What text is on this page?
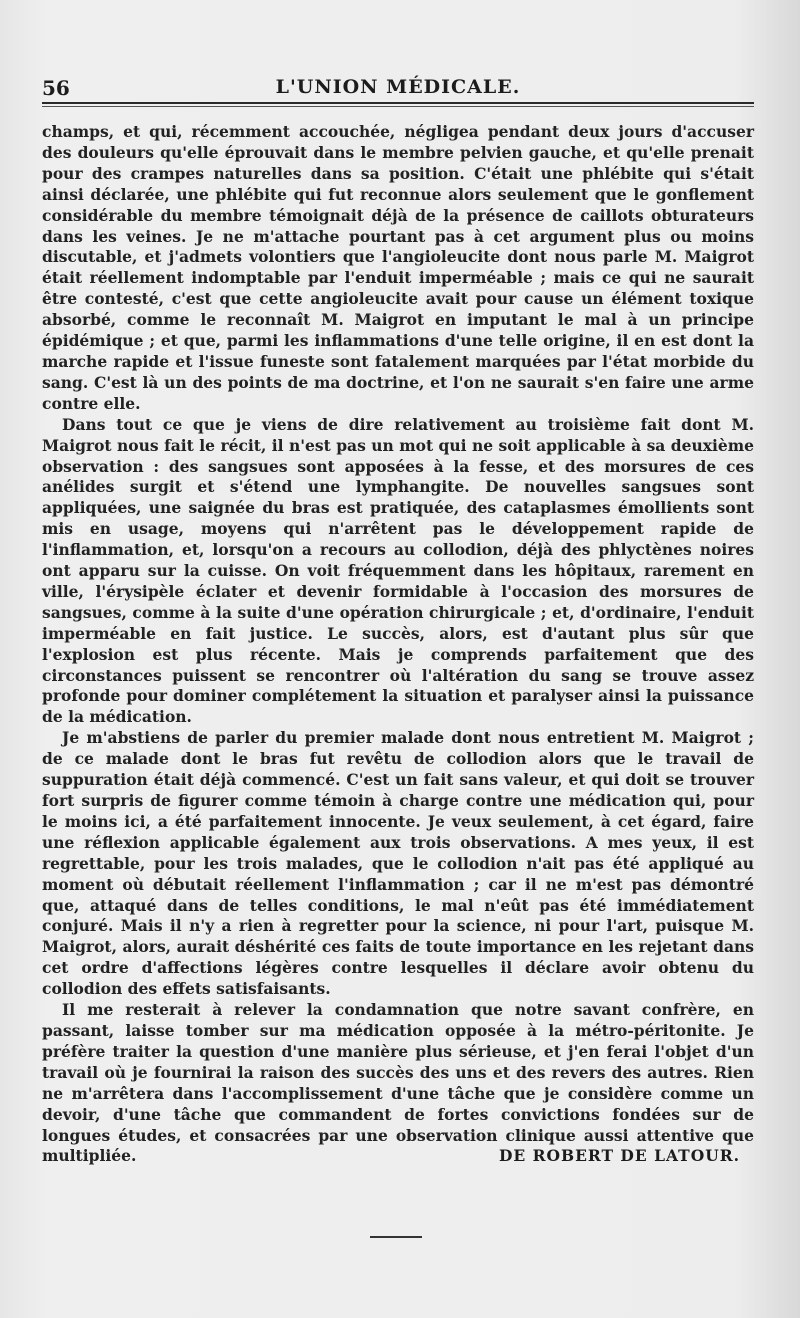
56	L'UNION MÉDICALE.

champs, et qui, récemment accouchée, négligea pendant deux jours d'accuser des douleurs qu'elle éprouvait dans le membre pelvien gauche, et qu'elle prenait pour des crampes naturelles dans sa position. C'était une phlébite qui s'était ainsi déclarée, une phlébite qui fut reconnue alors seulement que le gonflement considérable du membre témoignait déjà de la présence de caillots obturateurs dans les veines. Je ne m'attache pourtant pas à cet argument plus ou moins discutable, et j'admets volontiers que l'angioleucite dont nous parle M. Maigrot était réellement indomptable par l'enduit imperméable ; mais ce qui ne saurait être contesté, c'est que cette angioleucite avait pour cause un élément toxique absorbé, comme le reconnaît M. Maigrot en imputant le mal à un principe épidémique ; et que, parmi les inflammations d'une telle origine, il en est dont la marche rapide et l'issue funeste sont fatalement marquées par l'état morbide du sang. C'est là un des points de ma doctrine, et l'on ne saurait s'en faire une arme contre elle.

Dans tout ce que je viens de dire relativement au troisième fait dont M. Maigrot nous fait le récit, il n'est pas un mot qui ne soit applicable à sa deuxième observation : des sangsues sont apposées à la fesse, et des morsures de ces anélides surgit et s'étend une lymphangite. De nouvelles sangsues sont appliquées, une saignée du bras est pratiquée, des cataplasmes émollients sont mis en usage, moyens qui n'arrêtent pas le développement rapide de l'inflammation, et, lorsqu'on a recours au collodion, déjà des phlyctènes noires ont apparu sur la cuisse. On voit fréquemment dans les hôpitaux, rarement en ville, l'érysipèle éclater et devenir formidable à l'occasion des morsures de sangsues, comme à la suite d'une opération chirurgicale ; et, d'ordinaire, l'enduit imperméable en fait justice. Le succès, alors, est d'autant plus sûr que l'explosion est plus récente. Mais je comprends parfaitement que des circonstances puissent se rencontrer où l'altération du sang se trouve assez profonde pour dominer complétement la situation et paralyser ainsi la puissance de la médication.

Je m'abstiens de parler du premier malade dont nous entretient M. Maigrot ; de ce malade dont le bras fut revêtu de collodion alors que le travail de suppuration était déjà commencé. C'est un fait sans valeur, et qui doit se trouver fort surpris de figurer comme témoin à charge contre une médication qui, pour le moins ici, a été parfaitement innocente. Je veux seulement, à cet égard, faire une réflexion applicable également aux trois observations. A mes yeux, il est regrettable, pour les trois malades, que le collodion n'ait pas été appliqué au moment où débutait réellement l'inflammation ; car il ne m'est pas démontré que, attaqué dans de telles conditions, le mal n'eût pas été immédiatement conjuré. Mais il n'y a rien à regretter pour la science, ni pour l'art, puisque M. Maigrot, alors, aurait déshérité ces faits de toute importance en les rejetant dans cet ordre d'affections légères contre lesquelles il déclare avoir obtenu du collodion des effets satisfaisants.

Il me resterait à relever la condamnation que notre savant confrère, en passant, laisse tomber sur ma médication opposée à la métro-péritonite. Je préfère traiter la question d'une manière plus sérieuse, et j'en ferai l'objet d'un travail où je fournirai la raison des succès des uns et des revers des autres. Rien ne m'arrêtera dans l'accomplissement d'une tâche que je considère comme un devoir, d'une tâche que commandent de fortes convictions fondées sur de longues études, et consacrées par une observation clinique aussi attentive que multipliée.	DE ROBERT DE LATOUR.
